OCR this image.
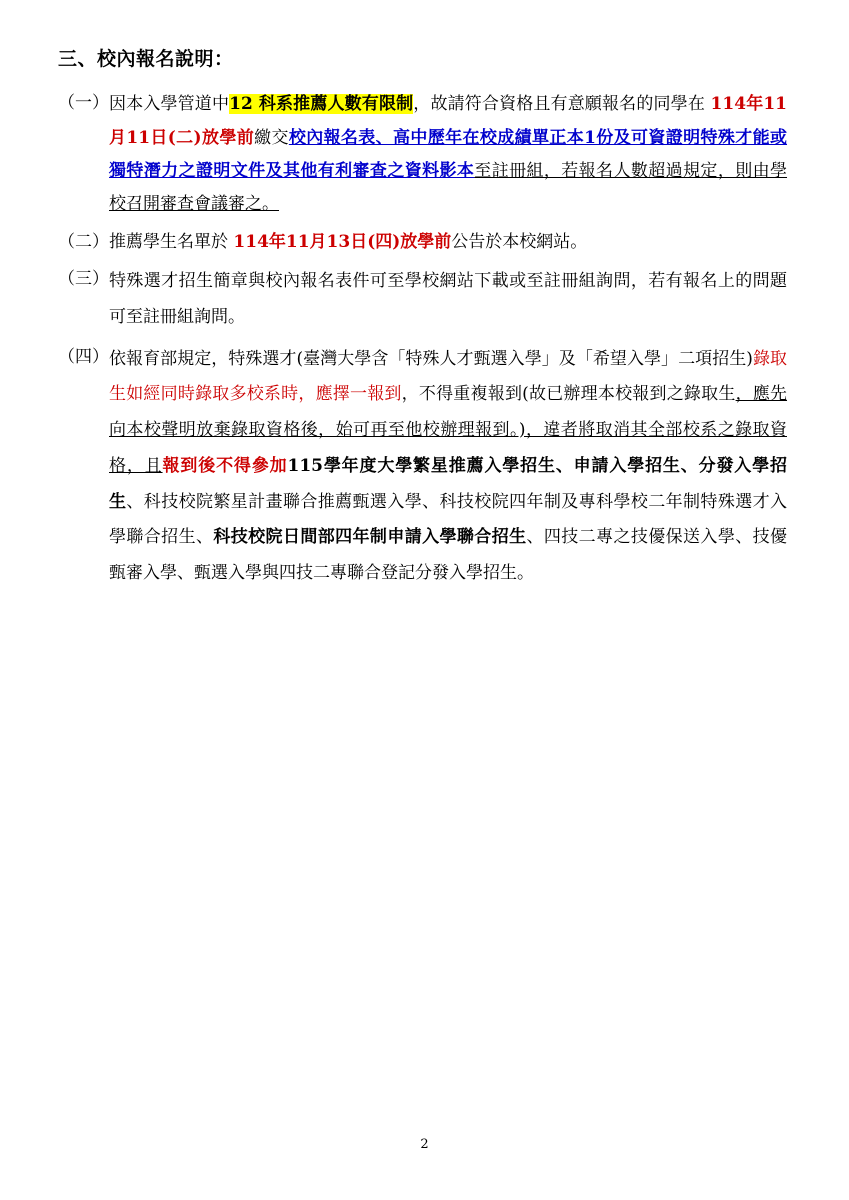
三、校內報名說明：
（一） 因本入學管道中12 科系推薦人數有限制，故請符合資格且有意願報名的同學在 114年11月11日(二)放學前繳交校內報名表、高中歷年在校成績單正本1份及可資證明特殊才能或獨特潛力之證明文件及其他有利審查之資料影本至註冊組，若報名人數超過規定，則由學校召開審查會議審之。
（二） 推薦學生名單於 114年11月13日(四)放學前公告於本校網站。
（三） 特殊選才招生簡章與校內報名表件可至學校網站下載或至註冊組詢問，若有報名上的問題可至註冊組詢問。
（四） 依報育部規定，特殊選才(臺灣大學含「特殊人才甄選入學」及「希望入學」二項招生)錄取生如經同時錄取多校系時，應擇一報到，不得重複報到(故已辦理本校報到之錄取生，應先向本校聲明放棄錄取資格後，始可再至他校辦理報到。)，違者將取消其全部校系之錄取資格，且報到後不得參加115學年度大學繁星推薦入學招生、申請入學招生、分發入學招生、科技校院繁星計畫聯合推薦甄選入學、科技校院四年制及專科學校二年制特殊選才入學聯合招生、科技校院日間部四年制申請入學聯合招生、四技二專之技優保送入學、技優甄審入學、甄選入學與四技二專聯合登記分發入學招生。
2
